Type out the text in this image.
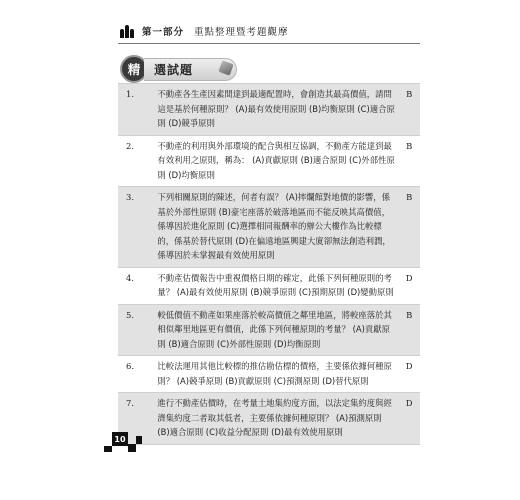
第一部分 重點整理暨考題觀摩
精	選試題
1.	不動產各生產因素間達到最適配置時，會創造其最高價值，請問這是基於何種原則？ (A)最有效使用原則 (B)均衡原則 (C)適合原則 (D)競爭原則	B
2.	不動產的利用與外部環境的配合與相互協調，不動產方能達到最有效利用之原則，稱為： (A)貢獻原則 (B)適合原則 (C)外部性原則 (D)均衡原則	B
3.	下列相關原則的陳述，何者有誤？ (A)摔爛館對地價的影響，係基於外部性原則 (B)豪宅座落於破落地區而不能反映其高價值，係導因於進化原則 (C)選擇相同報酬率的辦公大樓作為比較標的，係基於替代原則 (D)在偏遠地區興建大廈卻無法創造利潤，係導因於未掌握最有效使用原則	B
4.	不動產估價報告中重視價格日期的確定，此係下列何種原則的考量？ (A)最有效使用原則 (B)競爭原則 (C)預期原則 (D)變動原則	D
5.	較低價值不動產如果座落於較高價值之鄰里地區，將較座落於其相似鄰里地區更有價值，此係下列何種原則的考量？ (A)貢獻原則 (B)適合原則 (C)外部性原則 (D)均衡原則	B
6.	比較法運用其他比較標的推估勘估標的價格，主要係依據何種原則？ (A)競爭原則 (B)貢獻原則 (C)預測原則 (D)替代原則	D
7.	進行不動產估價時，在考量土地集約度方面，以法定集約度與經濟集約度二者取其低者，主要係依據何種原則？ (A)預測原則 (B)適合原則 (C)收益分配原則 (D)最有效使用原則	D
10
